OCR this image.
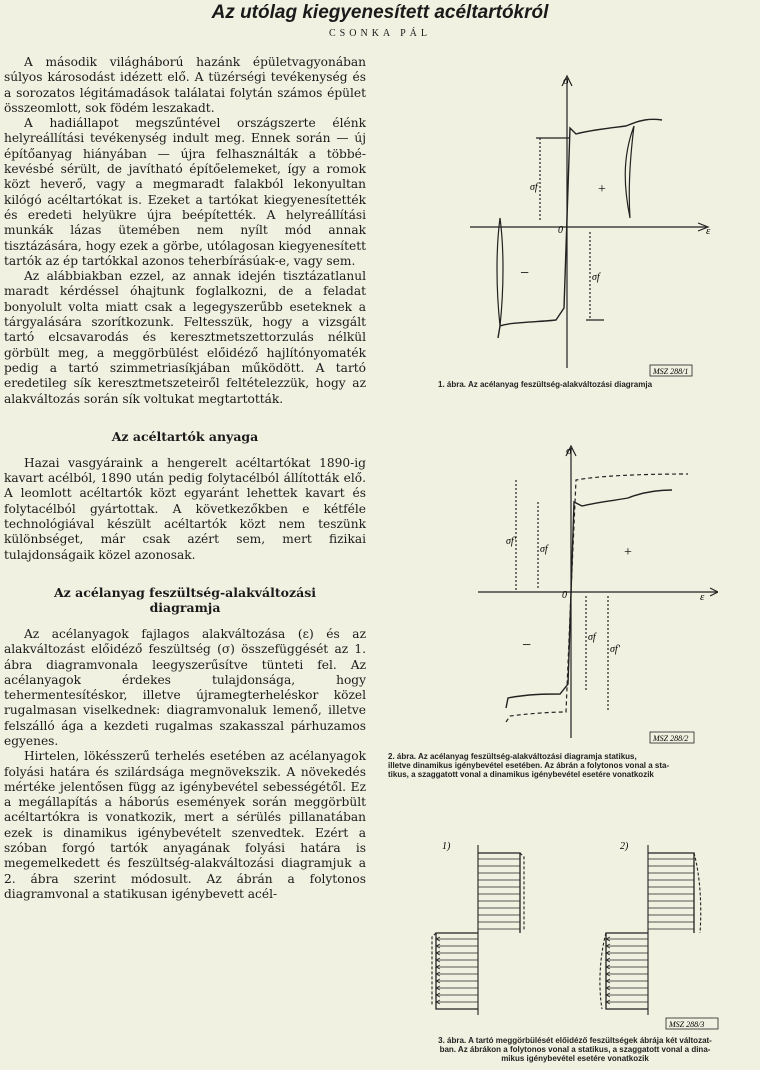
Az utólag kiegyenesített acéltartókról
CSONKA PÁL

A második világháború hazánk épületvagyonában súlyos károsodást idézett elő. A tüzérségi tevékenység és a sorozatos légitámadások találatai folytán számos épület összeomlott, sok födém leszakadt.

A hadiállapot megszűntével országszerte élénk helyreállítási tevékenység indult meg. Ennek során — új építőanyag hiányában — újra felhasználták a többé-kevésbé sérült, de javítható építőelemeket, így a romok közt heverő, vagy a megmaradt falakból lekonyultan kilógó acéltartókat is. Ezeket a tartókat kiegyenesítették és eredeti helyükre újra beépítették. A helyreállítási munkák lázas ütemében nem nyílt mód annak tisztázására, hogy ezek a görbe, utólagosan kiegyenesített tartók az ép tartókkal azonos teherbírásúak-e, vagy sem.

Az alábbiakban ezzel, az annak idején tisztázatlanul maradt kérdéssel óhajtunk foglalkozni, de a feladat bonyolult volta miatt csak a legegyszerűbb eseteknek a tárgyalására szorítkozunk. Feltesszük, hogy a vizsgált tartó elcsavarodás és keresztmetszettorzulás nélkül görbült meg, a meggörbülést előidéző hajlítónyomaték pedig a tartó szimmetriasíkjában működött. A tartó eredetileg sík keresztmetszeteiről feltételezzük, hogy az alakváltozás során sík voltukat megtartották.

Az acéltartók anyaga

Hazai vasgyáraink a hengerelt acéltartókat 1890-ig kavart acélból, 1890 után pedig folytacélból állították elő. A leomlott acéltartók közt egyaránt lehettek kavart és folytacélból gyártottak. A következőkben e kétféle technológiával készült acéltartók közt nem teszünk különbséget, már csak azért sem, mert fizikai tulajdonságaik közel azonosak.

Az acélanyag feszültség-alakváltozási
diagramja

Az acélanyagok fajlagos alakváltozása (ε) és az alakváltozást előidéző feszültség (σ) összefüggését az 1. ábra diagramvonala leegyszerűsítve tünteti fel. Az acélanyagok érdekes tulajdonsága, hogy tehermentesítéskor, illetve újramegterheléskor közel rugalmasan viselkednek: diagramvonaluk lemenő, illetve felszálló ága a kezdeti rugalmas szakasszal párhuzamos egyenes.

Hirtelen, lökésszerű terhelés esetében az acélanyagok folyási határa és szilárdsága megnövekszik. A növekedés mértéke jelentősen függ az igénybevétel sebességétől. Ez a megállapítás a háborús események során meggörbült acéltartókra is vonatkozik, mert a sérülés pillanatában ezek is dinamikus igénybevételt szenvedtek. Ezért a szóban forgó tartók anyagának folyási határa is megemelkedett és feszültség-alakváltozási diagramjuk a 2. ábra szerint módosult. Az ábrán a folytonos diagramvonal a statikusan igénybevett acél-

σ
ε
0
σf
σf
+
−
MSZ 288/1
1. ábra. Az acélanyag feszültség-alakváltozási diagramja
σ
ε
0
σf'
σf
σf
σf'
+
−
MSZ 288/2
2. ábra. Az acélanyag feszültség-alakváltozási diagramja statikus,
illetve dinamikus igénybevétel esetében. Az ábrán a folytonos vonal a sta-
tikus, a szaggatott vonal a dinamikus igénybevétel esetére vonatkozik
1)	2)
MSZ 288/3
3. ábra. A tartó meggörbülését előidéző feszültségek ábrája két változat-
ban. Az ábrákon a folytonos vonal a statikus, a szaggatott vonal a dina-
mikus igénybevétel esetére vonatkozik
